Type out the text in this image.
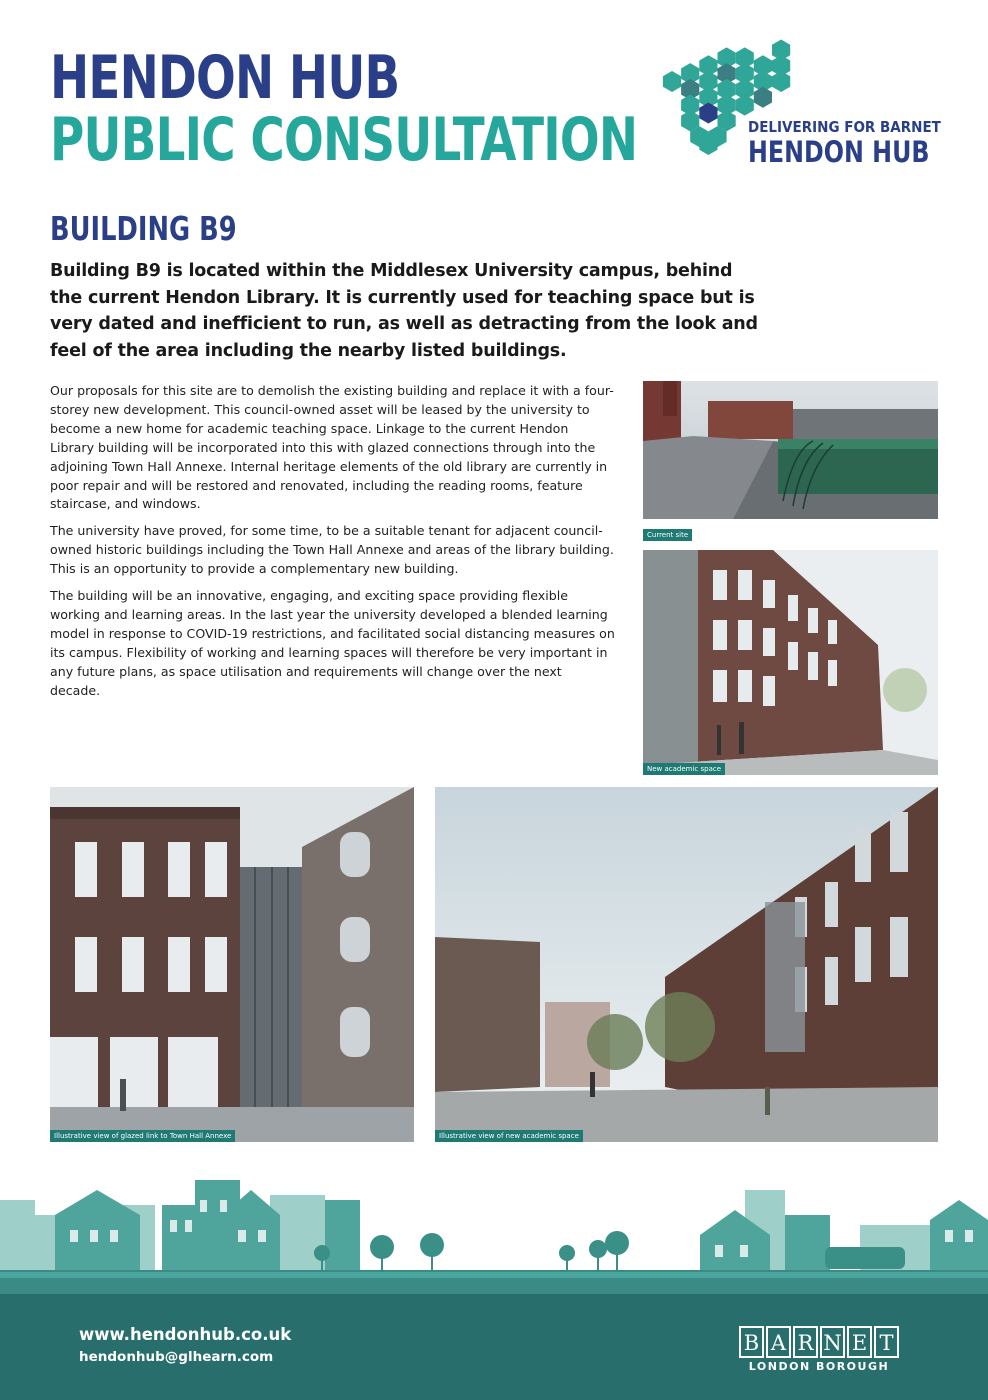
HENDON HUB
PUBLIC CONSULTATION	DELIVERING FOR BARNET
HENDON HUB
BUILDING B9
Building B9 is located within the Middlesex University campus, behind the current Hendon Library. It is currently used for teaching space but is very dated and inefficient to run, as well as detracting from the look and feel of the area including the nearby listed buildings.

Our proposals for this site are to demolish the existing building and replace it with a four-storey new development. This council-owned asset will be leased by the university to become a new home for academic teaching space. Linkage to the current Hendon Library building will be incorporated into this with glazed connections through into the adjoining Town Hall Annexe. Internal heritage elements of the old library are currently in poor repair and will be restored and renovated, including the reading rooms, feature staircase, and windows.

The university have proved, for some time, to be a suitable tenant for adjacent council-owned historic buildings including the Town Hall Annexe and areas of the library building. This is an opportunity to provide a complementary new building.

The building will be an innovative, engaging, and exciting space providing flexible working and learning areas. In the last year the university developed a blended learning model in response to COVID-19 restrictions, and facilitated social distancing measures on its campus. Flexibility of working and learning spaces will therefore be very important in any future plans, as space utilisation and requirements will change over the next decade.

Current site
New academic space
Illustrative view of glazed link to Town Hall Annexe	Illustrative view of new academic space
www.hendonhub.co.uk
hendonhub@glhearn.com
B A R N E T
LONDON BOROUGH
